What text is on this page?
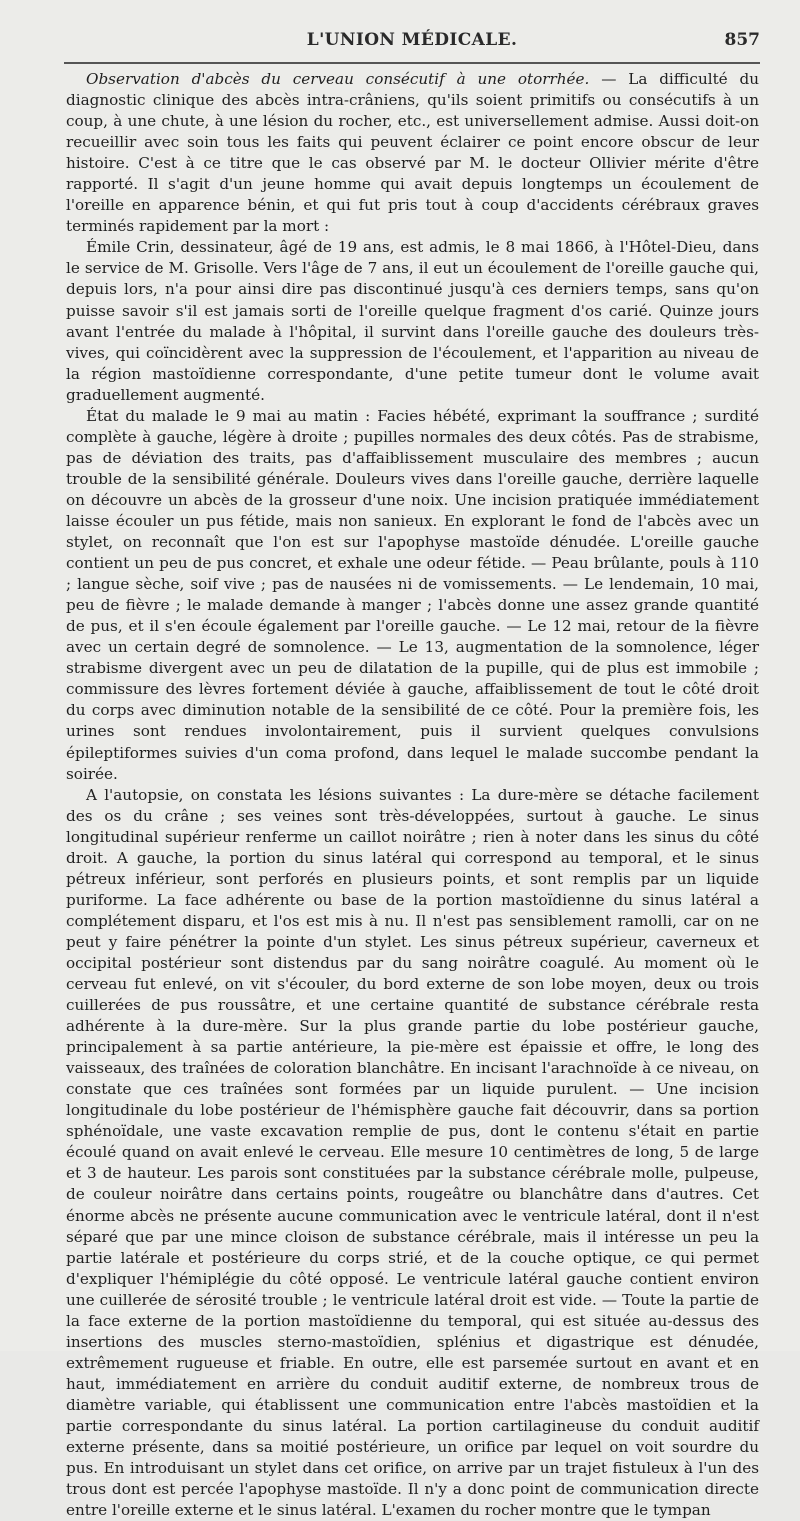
L'UNION MÉDICALE.	857

Observation d'abcès du cerveau consécutif à une otorrhée. — La difficulté du diagnostic clinique des abcès intra-crâniens, qu'ils soient primitifs ou consécutifs à un coup, à une chute, à une lésion du rocher, etc., est universellement admise. Aussi doit-on recueillir avec soin tous les faits qui peuvent éclairer ce point encore obscur de leur histoire. C'est à ce titre que le cas observé par M. le docteur Ollivier mérite d'être rapporté. Il s'agit d'un jeune homme qui avait depuis longtemps un écoulement de l'oreille en apparence bénin, et qui fut pris tout à coup d'accidents cérébraux graves terminés rapidement par la mort :

Émile Crin, dessinateur, âgé de 19 ans, est admis, le 8 mai 1866, à l'Hôtel-Dieu, dans le service de M. Grisolle. Vers l'âge de 7 ans, il eut un écoulement de l'oreille gauche qui, depuis lors, n'a pour ainsi dire pas discontinué jusqu'à ces derniers temps, sans qu'on puisse savoir s'il est jamais sorti de l'oreille quelque fragment d'os carié. Quinze jours avant l'entrée du malade à l'hôpital, il survint dans l'oreille gauche des douleurs très-vives, qui coïncidèrent avec la suppression de l'écoulement, et l'apparition au niveau de la région mastoïdienne correspondante, d'une petite tumeur dont le volume avait graduellement augmenté.

État du malade le 9 mai au matin : Facies hébété, exprimant la souffrance ; surdité complète à gauche, légère à droite ; pupilles normales des deux côtés. Pas de strabisme, pas de déviation des traits, pas d'affaiblissement musculaire des membres ; aucun trouble de la sensibilité générale. Douleurs vives dans l'oreille gauche, derrière laquelle on découvre un abcès de la grosseur d'une noix. Une incision pratiquée immédiatement laisse écouler un pus fétide, mais non sanieux. En explorant le fond de l'abcès avec un stylet, on reconnaît que l'on est sur l'apophyse mastoïde dénudée. L'oreille gauche contient un peu de pus concret, et exhale une odeur fétide. — Peau brûlante, pouls à 110 ; langue sèche, soif vive ; pas de nausées ni de vomissements. — Le lendemain, 10 mai, peu de fièvre ; le malade demande à manger ; l'abcès donne une assez grande quantité de pus, et il s'en écoule également par l'oreille gauche. — Le 12 mai, retour de la fièvre avec un certain degré de somnolence. — Le 13, augmentation de la somnolence, léger strabisme divergent avec un peu de dilatation de la pupille, qui de plus est immobile ; commissure des lèvres fortement déviée à gauche, affaiblissement de tout le côté droit du corps avec diminution notable de la sensibilité de ce côté. Pour la première fois, les urines sont rendues involontairement, puis il survient quelques convulsions épileptiformes suivies d'un coma profond, dans lequel le malade succombe pendant la soirée.

A l'autopsie, on constata les lésions suivantes : La dure-mère se détache facilement des os du crâne ; ses veines sont très-développées, surtout à gauche. Le sinus longitudinal supérieur renferme un caillot noirâtre ; rien à noter dans les sinus du côté droit. A gauche, la portion du sinus latéral qui correspond au temporal, et le sinus pétreux inférieur, sont perforés en plusieurs points, et sont remplis par un liquide puriforme. La face adhérente ou base de la portion mastoïdienne du sinus latéral a complétement disparu, et l'os est mis à nu. Il n'est pas sensiblement ramolli, car on ne peut y faire pénétrer la pointe d'un stylet. Les sinus pétreux supérieur, caverneux et occipital postérieur sont distendus par du sang noirâtre coagulé. Au moment où le cerveau fut enlevé, on vit s'écouler, du bord externe de son lobe moyen, deux ou trois cuillerées de pus roussâtre, et une certaine quantité de substance cérébrale resta adhérente à la dure-mère. Sur la plus grande partie du lobe postérieur gauche, principalement à sa partie antérieure, la pie-mère est épaissie et offre, le long des vaisseaux, des traînées de coloration blanchâtre. En incisant l'arachnoïde à ce niveau, on constate que ces traînées sont formées par un liquide purulent. — Une incision longitudinale du lobe postérieur de l'hémisphère gauche fait découvrir, dans sa portion sphénoïdale, une vaste excavation remplie de pus, dont le contenu s'était en partie écoulé quand on avait enlevé le cerveau. Elle mesure 10 centimètres de long, 5 de large et 3 de hauteur. Les parois sont constituées par la substance cérébrale molle, pulpeuse, de couleur noirâtre dans certains points, rougeâtre ou blanchâtre dans d'autres. Cet énorme abcès ne présente aucune communication avec le ventricule latéral, dont il n'est séparé que par une mince cloison de substance cérébrale, mais il intéresse un peu la partie latérale et postérieure du corps strié, et de la couche optique, ce qui permet d'expliquer l'hémiplégie du côté opposé. Le ventricule latéral gauche contient environ une cuillerée de sérosité trouble ; le ventricule latéral droit est vide. — Toute la partie de la face externe de la portion mastoïdienne du temporal, qui est située au-dessus des insertions des muscles sterno-mastoïdien, splénius et digastrique est dénudée, extrêmement rugueuse et friable. En outre, elle est parsemée surtout en avant et en haut, immédiatement en arrière du conduit auditif externe, de nombreux trous de diamètre variable, qui établissent une communication entre l'abcès mastoïdien et la partie correspondante du sinus latéral. La portion cartilagineuse du conduit auditif externe présente, dans sa moitié postérieure, un orifice par lequel on voit sourdre du pus. En introduisant un stylet dans cet orifice, on arrive par un trajet fistuleux à l'un des trous dont est percée l'apophyse mastoïde. Il n'y a donc point de communication directe entre l'oreille externe et le sinus latéral. L'examen du rocher montre que le tympan
